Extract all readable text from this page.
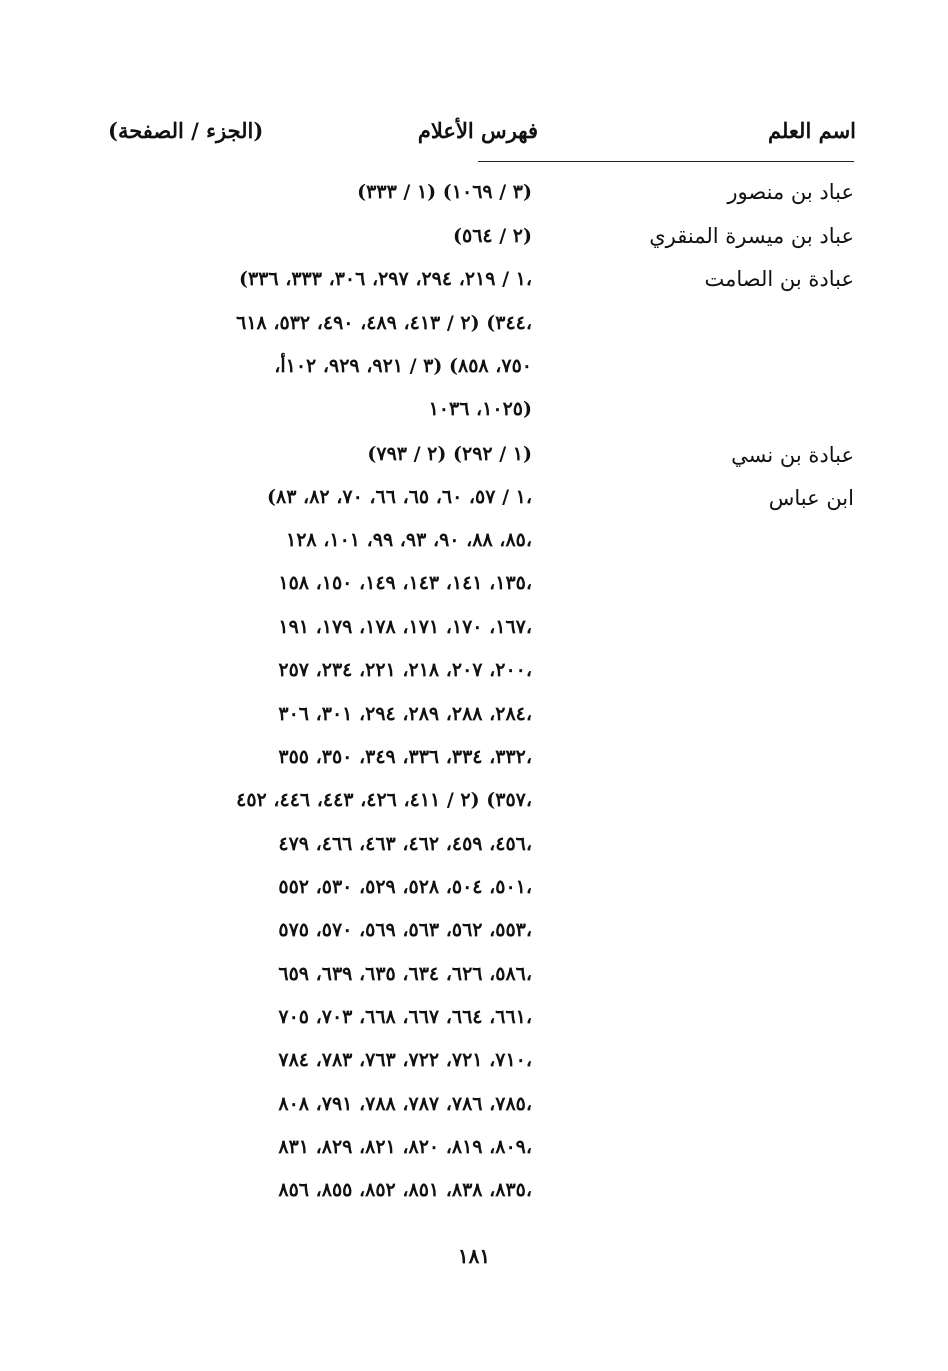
اسم العلم
فهرس الأعلام
(الجزء / الصفحة)
عباد بن منصور
عباد بن ميسرة المنقري
عبادة بن الصامت
عبادة بن نسي
ابن عباس
(١ / ٣٣٣) (٣ / ١٠٦٩)
(٢ / ٥٦٤)
(١ / ٢١٩، ٢٩٤، ٢٩٧، ٣٠٦، ٣٣٣، ٣٣٦،
٣٤٤) (٢ / ٤١٣، ٤٨٩، ٤٩٠، ٥٣٢، ٦١٨،
٧٥٠، ٨٥٨) (٣ / ٩٢١، ٩٢٩، ١٠٢أ،
١٠٢٥، ١٠٣٦)
(٢ / ٧٩٣) (١ / ٢٩٢)
(١ / ٥٧، ٦٠، ٦٥، ٦٦، ٧٠، ٨٢، ٨٣،
٨٥، ٨٨، ٩٠، ٩٣، ٩٩، ١٠١، ١٢٨،
١٣٥، ١٤١، ١٤٣، ١٤٩، ١٥٠، ١٥٨،
١٦٧، ١٧٠، ١٧١، ١٧٨، ١٧٩، ١٩١،
٢٠٠، ٢٠٧، ٢١٨، ٢٢١، ٢٣٤، ٢٥٧،
٢٨٤، ٢٨٨، ٢٨٩، ٢٩٤، ٣٠١، ٣٠٦،
٣٣٢، ٣٣٤، ٣٣٦، ٣٤٩، ٣٥٠، ٣٥٥،
٣٥٧) (٢ / ٤١١، ٤٢٦، ٤٤٣، ٤٤٦، ٤٥٢،
٤٥٦، ٤٥٩، ٤٦٢، ٤٦٣، ٤٦٦، ٤٧٩،
٥٠١، ٥٠٤، ٥٢٨، ٥٢٩، ٥٣٠، ٥٥٢،
٥٥٣، ٥٦٢، ٥٦٣، ٥٦٩، ٥٧٠، ٥٧٥،
٥٨٦، ٦٢٦، ٦٣٤، ٦٣٥، ٦٣٩، ٦٥٩،
٦٦١، ٦٦٤، ٦٦٧، ٦٦٨، ٧٠٣، ٧٠٥،
٧١٠، ٧٢١، ٧٢٢، ٧٦٣، ٧٨٣، ٧٨٤،
٧٨٥، ٧٨٦، ٧٨٧، ٧٨٨، ٧٩١، ٨٠٨،
٨٠٩، ٨١٩، ٨٢٠، ٨٢١، ٨٢٩، ٨٣١،
٨٣٥، ٨٣٨، ٨٥١، ٨٥٢، ٨٥٥، ٨٥٦،
١٨١
